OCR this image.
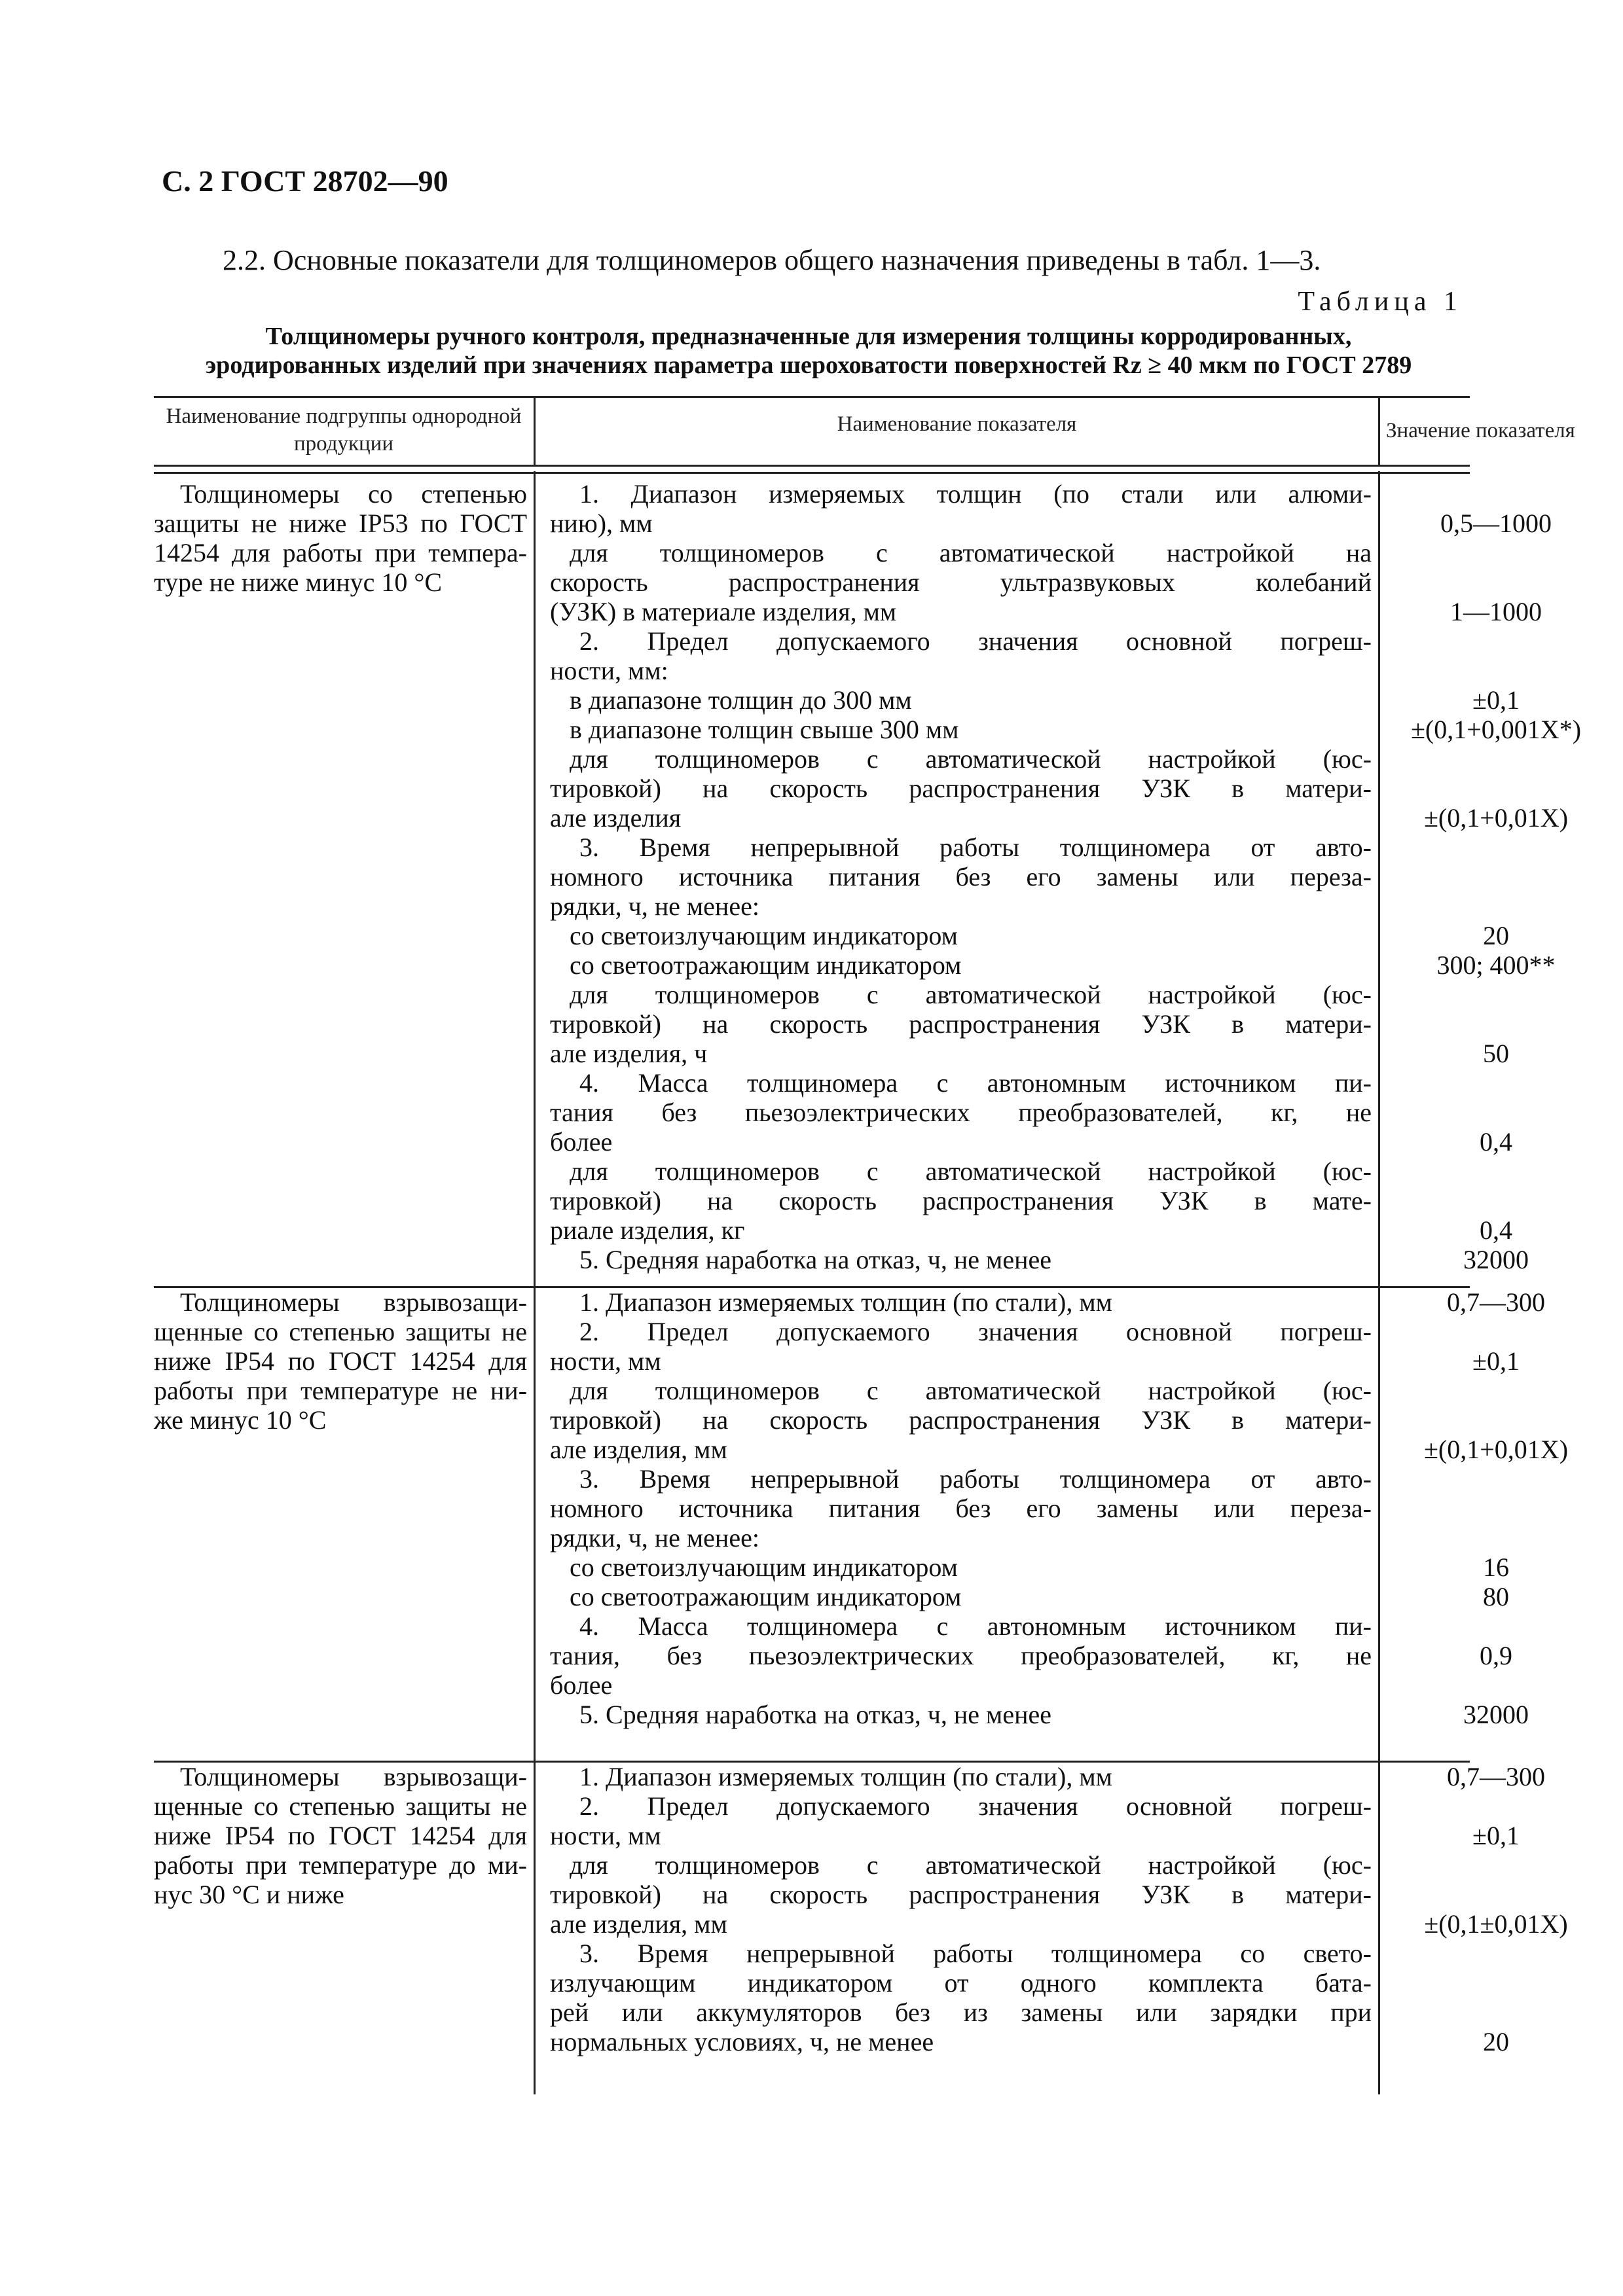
С. 2 ГОСТ 28702—90
2.2. Основные показатели для толщиномеров общего назначения приведены в табл. 1—3.
Таблица 1
Толщиномеры ручного контроля, предназначенные для измерения толщины корродированных,
эродированных изделий при значениях параметра шероховатости поверхностей Rz ≥ 40 мкм по ГОСТ 2789
Наименование подгруппы однородной продукции
Наименование показателя	Значение показателя
Толщиномеры со степенью
защиты не ниже IP53 по ГОСТ
14254 для работы при темпера-
туре не ниже минус 10 °С
1. Диапазон измеряемых толщин (по стали или алюми-
нию), мм
для толщиномеров с автоматической настройкой на
скорость распространения ультразвуковых колебаний
(УЗК) в материале изделия, мм
2. Предел допускаемого значения основной погреш-
ности, мм:
в диапазоне толщин до 300 мм
в диапазоне толщин свыше 300 мм
для толщиномеров с автоматической настройкой (юс-
тировкой) на скорость распространения УЗК в матери-
але изделия
3. Время непрерывной работы толщиномера от авто-
номного источника питания без его замены или переза-
рядки, ч, не менее:
со светоизлучающим индикатором
со светоотражающим индикатором
для толщиномеров с автоматической настройкой (юс-
тировкой) на скорость распространения УЗК в матери-
але изделия, ч
4. Масса толщиномера с автономным источником пи-
тания без пьезоэлектрических преобразователей, кг, не
более
для толщиномеров с автоматической настройкой (юс-
тировкой) на скорость распространения УЗК в мате-
риале изделия, кг
5. Средняя наработка на отказ, ч, не менее
0,5—1000
1—1000
±0,1
±(0,1+0,001X*)
±(0,1+0,01X)
20
300; 400**
50
0,4
0,4
32000
Толщиномеры взрывозащи-
щенные со степенью защиты не
ниже IP54 по ГОСТ 14254 для
работы при температуре не ни-
же минус 10 °С
1. Диапазон измеряемых толщин (по стали), мм
2. Предел допускаемого значения основной погреш-
ности, мм
для толщиномеров с автоматической настройкой (юс-
тировкой) на скорость распространения УЗК в матери-
але изделия, мм
3. Время непрерывной работы толщиномера от авто-
номного источника питания без его замены или переза-
рядки, ч, не менее:
со светоизлучающим индикатором
со светоотражающим индикатором
4. Масса толщиномера с автономным источником пи-
тания, без пьезоэлектрических преобразователей, кг, не
более
5. Средняя наработка на отказ, ч, не менее
0,7—300
±0,1
±(0,1+0,01X)
16
80
0,9
32000
Толщиномеры взрывозащи-
щенные со степенью защиты не
ниже IP54 по ГОСТ 14254 для
работы при температуре до ми-
нус 30 °С и ниже
1. Диапазон измеряемых толщин (по стали), мм
2. Предел допускаемого значения основной погреш-
ности, мм
для толщиномеров с автоматической настройкой (юс-
тировкой) на скорость распространения УЗК в матери-
але изделия, мм
3. Время непрерывной работы толщиномера со свето-
излучающим индикатором от одного комплекта бата-
рей или аккумуляторов без из замены или зарядки при
нормальных условиях, ч, не менее
0,7—300
±0,1
±(0,1±0,01X)
20
